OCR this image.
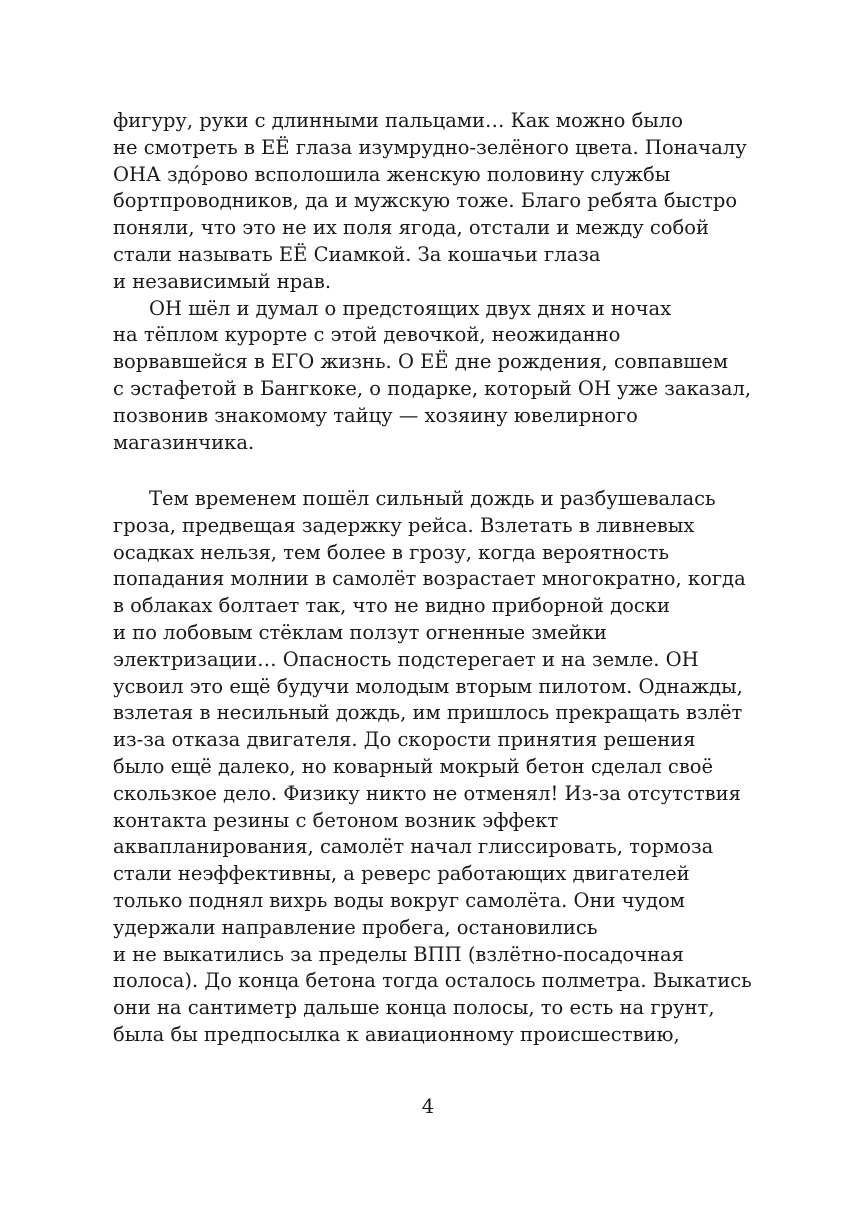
фигуру, руки с длинными пальцами… Как можно было
не смотреть в ЕЁ глаза изумрудно-зелёного цвета. Поначалу
ОНА здóрово всполошила женскую половину службы
бортпроводников, да и мужскую тоже. Благо ребята быстро
поняли, что это не их поля ягода, отстали и между собой
стали называть ЕЁ Сиамкой. За кошачьи глаза
и независимый нрав.
ОН шёл и думал о предстоящих двух днях и ночах
на тёплом курорте с этой девочкой, неожиданно
ворвавшейся в ЕГО жизнь. О ЕЁ дне рождения, совпавшем
с эстафетой в Бангкоке, о подарке, который ОН уже заказал,
позвонив знакомому тайцу — хозяину ювелирного
магазинчика.
Тем временем пошёл сильный дождь и разбушевалась
гроза, предвещая задержку рейса. Взлетать в ливневых
осадках нельзя, тем более в грозу, когда вероятность
попадания молнии в самолёт возрастает многократно, когда
в облаках болтает так, что не видно приборной доски
и по лобовым стёклам ползут огненные змейки
электризации… Опасность подстерегает и на земле. ОН
усвоил это ещё будучи молодым вторым пилотом. Однажды,
взлетая в несильный дождь, им пришлось прекращать взлёт
из-за отказа двигателя. До скорости принятия решения
было ещё далеко, но коварный мокрый бетон сделал своё
скользкое дело. Физику никто не отменял! Из-за отсутствия
контакта резины с бетоном возник эффект
аквапланирования, самолёт начал глиссировать, тормоза
стали неэффективны, а реверс работающих двигателей
только поднял вихрь воды вокруг самолёта. Они чудом
удержали направление пробега, остановились
и не выкатились за пределы ВПП (взлётно-посадочная
полоса). До конца бетона тогда осталось полметра. Выкатись
они на сантиметр дальше конца полосы, то есть на грунт,
была бы предпосылка к авиационному происшествию,
4
